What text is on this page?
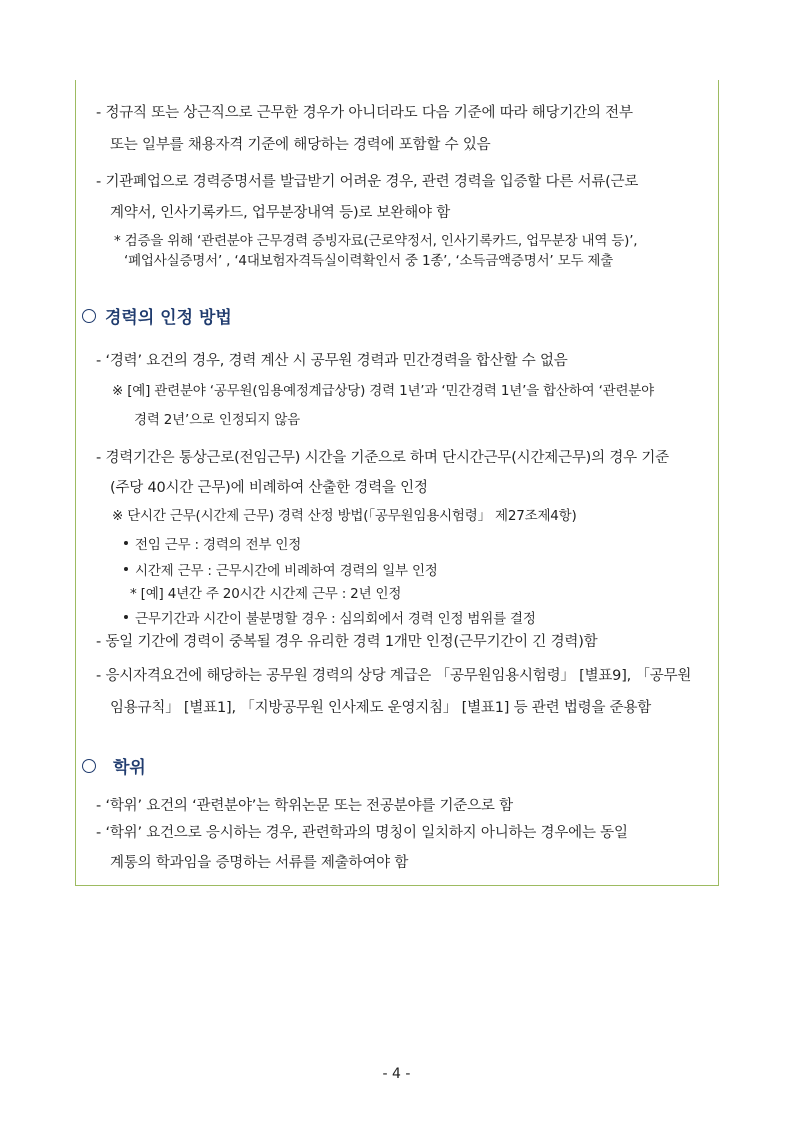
- 정규직 또는 상근직으로 근무한 경우가 아니더라도 다음 기준에 따라 해당기간의 전부
또는 일부를 채용자격 기준에 해당하는 경력에 포함할 수 있음
- 기관폐업으로 경력증명서를 발급받기 어려운 경우, 관련 경력을 입증할 다른 서류(근로
계약서, 인사기록카드, 업무분장내역 등)로 보완해야 함
* 검증을 위해 ‘관련분야 근무경력 증빙자료(근로약정서, 인사기록카드, 업무분장 내역 등)’,
‘폐업사실증명서’ , ‘4대보험자격득실이력확인서 중 1종’, ‘소득금액증명서’ 모두 제출
경력의 인정 방법
- ‘경력’ 요건의 경우, 경력 계산 시 공무원 경력과 민간경력을 합산할 수 없음
※ [예] 관련분야 ‘공무원(임용예정계급상당) 경력 1년’과 ‘민간경력 1년’을 합산하여 ‘관련분야
경력 2년’으로 인정되지 않음
- 경력기간은 통상근로(전임근무) 시간을 기준으로 하며 단시간근무(시간제근무)의 경우 기준
(주당 40시간 근무)에 비례하여 산출한 경력을 인정
※ 단시간 근무(시간제 근무) 경력 산정 방법(「공무원임용시험령」 제27조제4항)
전임 근무 : 경력의 전부 인정
시간제 근무 : 근무시간에 비례하여 경력의 일부 인정
* [예] 4년간 주 20시간 시간제 근무 : 2년 인정
근무기간과 시간이 불분명할 경우 : 심의회에서 경력 인정 범위를 결정
- 동일 기간에 경력이 중복될 경우 유리한 경력 1개만 인정(근무기간이 긴 경력)함
- 응시자격요건에 해당하는 공무원 경력의 상당 계급은 「공무원임용시험령」 [별표9], 「공무원
임용규칙」 [별표1], 「지방공무원 인사제도 운영지침」 [별표1] 등 관련 법령을 준용함
학위
- ‘학위’ 요건의 ‘관련분야’는 학위논문 또는 전공분야를 기준으로 함
- ‘학위’ 요건으로 응시하는 경우, 관련학과의 명칭이 일치하지 아니하는 경우에는 동일
계통의 학과임을 증명하는 서류를 제출하여야 함
- 4 -
